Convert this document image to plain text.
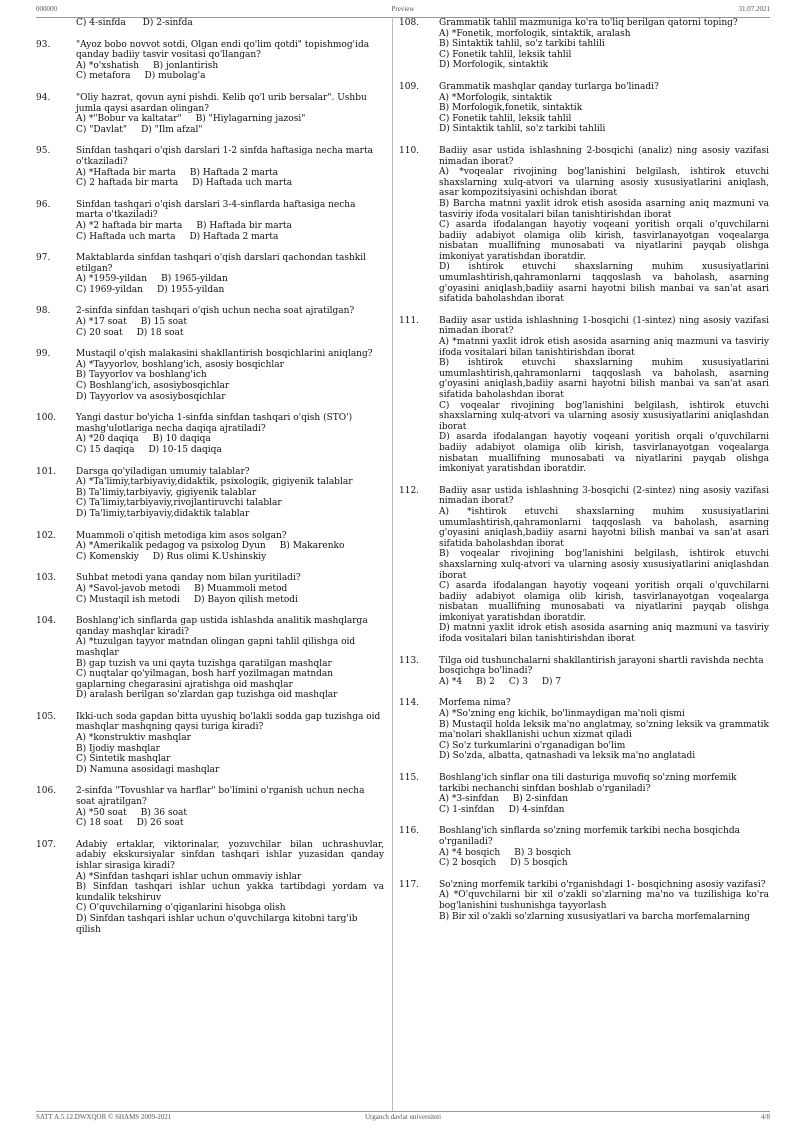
000000	Preview	31.07.2021
SATT A.5.12.DWXQOR © SHAMS 2009-2021	Urganch davlat universiteti	4/8
C) 4-sinfda D) 2-sinfda
93.	"Ayoz bobo novvot sotdi, Olgan endi qo'lim qotdi" topishmog'ida qanday badiiy tasvir vositasi qo'llangan?
A) *o'xshatish B) jonlantirish
C) metafora D) mubolag'a
94.	"Oliy hazrat, qovun ayni pishdi. Kelib qo'l urib bersalar". Ushbu jumla qaysi asardan olingan?
A) *"Bobur va kaltatar" B) "Hiylagarning jazosi"
C) "Davlat" D) "Ilm afzal"
95.	Sinfdan tashqari o'qish darslari 1-2 sinfda haftasiga necha marta o'tkaziladi?
A) *Haftada bir marta B) Haftada 2 marta
C) 2 haftada bir marta D) Haftada uch marta
96.	Sinfdan tashqari o'qish darslari 3-4-sinflarda haftasiga necha marta o'tkaziladi?
A) *2 haftada bir marta B) Haftada bir marta
C) Haftada uch marta D) Haftada 2 marta
97.	Maktablarda sinfdan tashqari o'qish darslari qachondan tashkil etilgan?
A) *1959-yildan B) 1965-yildan
C) 1969-yildan D) 1955-yildan
98.	2-sinfda sinfdan tashqari o'qish uchun necha soat ajratilgan?
A) *17 soat B) 15 soat
C) 20 soat D) 18 soat
99.	Mustaqil o'qish malakasini shakllantirish bosqichlarini aniqlang?
A) *Tayyorlov, boshlang'ich, asosiy bosqichlar
B) Tayyorlov va boshlang'ich
C) Boshlang'ich, asosiybosqichlar
D) Tayyorlov va asosiybosqichlar
100.	Yangi dastur bo'yicha 1-sinfda sinfdan tashqari o'qish (STO') mashg'ulotlariga necha daqiqa ajratiladi?
A) *20 daqiqa B) 10 daqiqa
C) 15 daqiqa D) 10-15 daqiqa
101.	Darsga qo'yiladigan umumiy talablar?
A) *Ta'limiy,tarbiyaviy,didaktik, psixologik, gigiyenik talablar
B) Ta'limiy,tarbiyaviy, gigiyenik talablar
C) Ta'limiy,tarbiyaviy,rivojlantiruvchi talablar
D) Ta'limiy,tarbiyaviy,didaktik talablar
102.	Muammoli o'qitish metodiga kim asos solgan?
A) *Amerikalik pedagog va psixolog Dyun B) Makarenko
C) Komenskiy D) Rus olimi K.Ushinskiy
103.	Suhbat metodi yana qanday nom bilan yuritiladi?
A) *Savol-javob metodi B) Muammoli metod
C) Mustaqil ish metodi D) Bayon qilish metodi
104.	Boshlang'ich sinflarda gap ustida ishlashda analitik mashqlarga qanday mashqlar kiradi?
A) *tuzulgan tayyor matndan olingan gapni tahlil qilishga oid mashqlar
B) gap tuzish va uni qayta tuzishga qaratilgan mashqlar
C) nuqtalar qo'yilmagan, bosh harf yozilmagan matndan gaplarning chegarasini ajratishga oid mashqlar
D) aralash berilgan so'zlardan gap tuzishga oid mashqlar
105.	Ikki-uch soda gapdan bitta uyushiq bo'lakli sodda gap tuzishga oid mashqlar mashqning qaysi turiga kiradi?
A) *konstruktiv mashqlar
B) Ijodiy mashqlar
C) Sintetik mashqlar
D) Namuna asosidagi mashqlar
106.	2-sinfda "Tovushlar va harflar" bo'limini o'rganish uchun necha soat ajratilgan?
A) *50 soat B) 36 soat
C) 18 soat D) 26 soat
107.	Adabiy ertaklar, viktorinalar, yozuvchilar bilan uchrashuvlar, adabiy ekskursiyalar sinfdan tashqari ishlar yuzasidan qanday ishlar sirasiga kiradi?
A) *Sinfdan tashqari ishlar uchun ommaviy ishlar
B) Sinfdan tashqari ishlar uchun yakka tartibdagi yordam va kundalik tekshiruv
C) O'quvchilarning o'qiganlarini hisobga olish
D) Sinfdan tashqari ishlar uchun o'quvchilarga kitobni targ'ib qilish
108.	Grammatik tahlil mazmuniga ko'ra to'liq berilgan qatorni toping?
A) *Fonetik, morfologik, sintaktik, aralash
B) Sintaktik tahlil, so'z tarkibi tahlili
C) Fonetik tahlil, leksik tahlil
D) Morfologik, sintaktik
109.	Grammatik mashqlar qanday turlarga bo'linadi?
A) *Morfologik, sintaktik
B) Morfologik,fonetik, sintaktik
C) Fonetik tahlil, leksik tahlil
D) Sintaktik tahlil, so'z tarkibi tahlili
110.	Badiiy asar ustida ishlashning 2-bosqichi (analiz) ning asosiy vazifasi nimadan iborat?
A) *voqealar rivojining bog'lanishini belgilash, ishtirok etuvchi shaxslarning xulq-atvori va ularning asosiy xususiyatlarini aniqlash, asar kompozitsiyasini ochishdan iborat
B) Barcha matnni yaxlit idrok etish asosida asarning aniq mazmuni va tasviriy ifoda vositalari bilan tanishtirishdan iborat
C) asarda ifodalangan hayotiy voqeani yoritish orqali o'quvchilarni badiiy adabiyot olamiga olib kirish, tasvirlanayotgan voqealarga nisbatan muallifning munosabati va niyatlarini payqab olishga imkoniyat yaratishdan iboratdir.
D) ishtirok etuvchi shaxslarning muhim xususiyatlarini umumlashtirish,qahramonlarni taqqoslash va baholash, asarning g'oyasini aniqlash,badiiy asarni hayotni bilish manbai va san'at asari sifatida baholashdan iborat
111.	Badiiy asar ustida ishlashning 1-bosqichi (1-sintez) ning asosiy vazifasi nimadan iborat?
A) *matnni yaxlit idrok etish asosida asarning aniq mazmuni va tasviriy ifoda vositalari bilan tanishtirishdan iborat
B) ishtirok etuvchi shaxslarning muhim xususiyatlarini umumlashtirish,qahramonlarni taqqoslash va baholash, asarning g'oyasini aniqlash,badiiy asarni hayotni bilish manbai va san'at asari sifatida baholashdan iborat
C) voqealar rivojining bog'lanishini belgilash, ishtirok etuvchi shaxslarning xulq-atvori va ularning asosiy xususiyatlarini aniqlashdan iborat
D) asarda ifodalangan hayotiy voqeani yoritish orqali o'quvchilarni badiiy adabiyot olamiga olib kirish, tasvirlanayotgan voqealarga nisbatan muallifning munosabati va niyatlarini payqab olishga imkoniyat yaratishdan iboratdir.
112.	Badiiy asar ustida ishlashning 3-bosqichi (2-sintez) ning asosiy vazifasi nimadan iborat?
A) *ishtirok etuvchi shaxslarning muhim xususiyatlarini umumlashtirish,qahramonlarni taqqoslash va baholash, asarning g'oyasini aniqlash,badiiy asarni hayotni bilish manbai va san'at asari sifatida baholashdan iborat
B) voqealar rivojining bog'lanishini belgilash, ishtirok etuvchi shaxslarning xulq-atvori va ularning asosiy xususiyatlarini aniqlashdan iborat
C) asarda ifodalangan hayotiy voqeani yoritish orqali o'quvchilarni badiiy adabiyot olamiga olib kirish, tasvirlanayotgan voqealarga nisbatan muallifning munosabati va niyatlarini payqab olishga imkoniyat yaratishdan iboratdir.
D) matnni yaxlit idrok etish asosida asarning aniq mazmuni va tasviriy ifoda vositalari bilan tanishtirishdan iborat
113.	Tilga oid tushunchalarni shakllantirish jarayoni shartli ravishda nechta bosqichga bo'linadi?
A) *4 B) 2 C) 3 D) 7
114.	Morfema nima?
A) *So'zning eng kichik, bo'linmaydigan ma'noli qismi
B) Mustaqil holda leksik ma'no anglatmay, so'zning leksik va grammatik ma'nolari shakllanishi uchun xizmat qiladi
C) So'z turkumlarini o'rganadigan bo'lim
D) So'zda, albatta, qatnashadi va leksik ma'no anglatadi
115.	Boshlang'ich sinflar ona tili dasturiga muvofiq so'zning morfemik tarkibi nechanchi sinfdan boshlab o'rganiladi?
A) *3-sinfdan B) 2-sinfdan
C) 1-sinfdan D) 4-sinfdan
116.	Boshlang'ich sinflarda so'zning morfemik tarkibi necha bosqichda o'rganiladi?
A) *4 bosqich B) 3 bosqich
C) 2 bosqich D) 5 bosqich
117.	So'zning morfemik tarkibi o'rganishdagi 1- bosqichning asosiy vazifasi?
A) *O'quvchilarni bir xil o'zakli so'zlarning ma'no va tuzilishiga ko'ra bog'lanishini tushunishga tayyorlash
B) Bir xil o'zakli so'zlarning xususiyatlari va barcha morfemalarning
